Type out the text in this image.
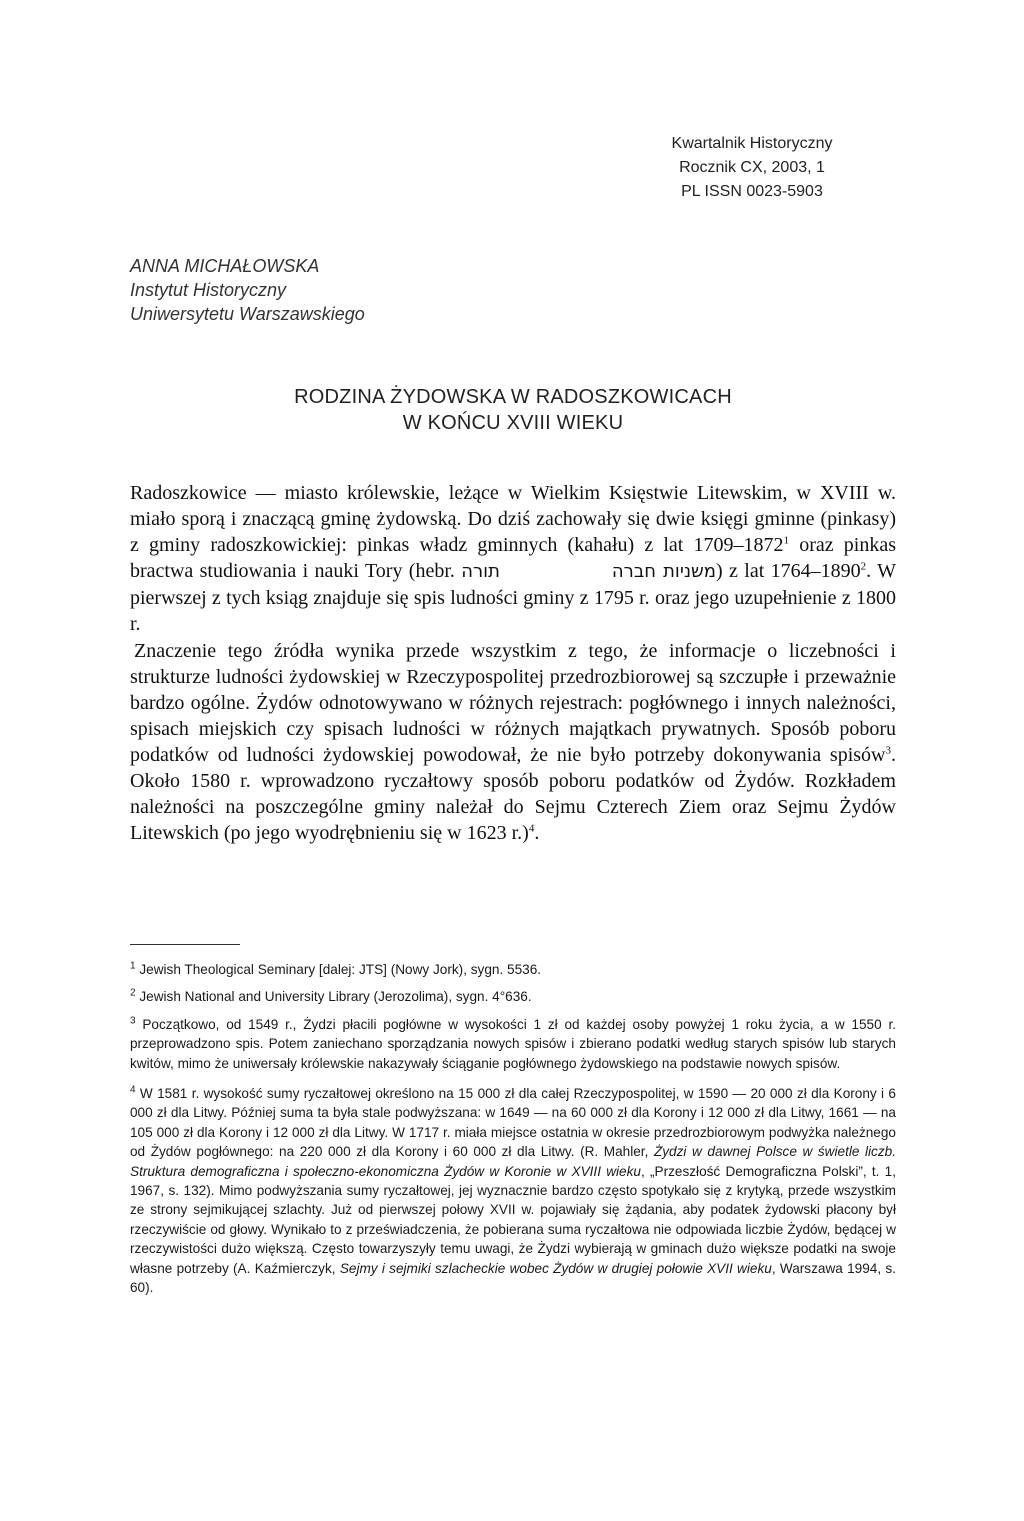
Kwartalnik Historyczny
Rocznik CX, 2003, 1
PL ISSN 0023-5903
ANNA MICHAŁOWSKA
Instytut Historyczny
Uniwersytetu Warszawskiego
RODZINA ŻYDOWSKA W RADOSZKOWICACH
W KOŃCU XVIII WIEKU

Radoszkowice — miasto królewskie, leżące w Wielkim Księstwie Litewskim, w XVIII w. miało sporą i znaczącą gminę żydowską. Do dziś zachowały się dwie księgi gminne (pinkasy) z gminy radoszkowickiej: pinkas władz gminnych (kahału) z lat 1709–1872$^1$ oraz pinkas bractwa studiowania i nauki Tory (hebr. תורה	משניות חברה	) z lat 1764–1890$^2$. W pierwszej z tych ksiąg znajduje się spis ludności gminy z 1795 r. oraz jego uzupełnienie z 1800 r.

Znaczenie tego źródła wynika przede wszystkim z tego, że informacje o liczebności i strukturze ludności żydowskiej w Rzeczypospolitej przedrozbiorowej są szczupłe i przeważnie bardzo ogólne. Żydów odnotowywano w różnych rejestrach: pogłównego i innych należności, spisach miejskich czy spisach ludności w różnych majątkach prywatnych. Sposób poboru podatków od ludności żydowskiej powodował, że nie było potrzeby dokonywania spisów$^3$. Około 1580 r. wprowadzono ryczałtowy sposób poboru podatków od Żydów. Rozkładem należności na poszczególne gminy należał do Sejmu Czterech Ziem oraz Sejmu Żydów Litewskich (po jego wyodrębnieniu się w 1623 r.)$^4$.

$^1$ Jewish Theological Seminary [dalej: JTS] (Nowy Jork), sygn. 5536.

$^2$ Jewish National and University Library (Jerozolima), sygn. 4°636.

$^3$ Początkowo, od 1549 r., Żydzi płacili pogłówne w wysokości 1 zł od każdej osoby powyżej 1 roku życia, a w 1550 r. przeprowadzono spis. Potem zaniechano sporządzania nowych spisów i zbierano podatki według starych spisów lub starych kwitów, mimo że uniwersały królewskie nakazywały ściąganie pogłównego żydowskiego na podstawie nowych spisów.

$^4$ W 1581 r. wysokość sumy ryczałtowej określono na 15 000 zł dla całej Rzeczypospolitej, w 1590 — 20 000 zł dla Korony i 6 000 zł dla Litwy. Później suma ta była stale podwyższana: w 1649 — na 60 000 zł dla Korony i 12 000 zł dla Litwy, 1661 — na 105 000 zł dla Korony i 12 000 zł dla Litwy. W 1717 r. miała miejsce ostatnia w okresie przedrozbiorowym podwyżka należnego od Żydów pogłównego: na 220 000 zł dla Korony i 60 000 zł dla Litwy. (R. Mahler, Żydzi w dawnej Polsce w świetle liczb. Struktura demograficzna i społeczno-ekonomiczna Żydów w Koronie w XVIII wieku, „Przeszłość Demograficzna Polski”, t. 1, 1967, s. 132). Mimo podwyższania sumy ryczałtowej, jej wyznacznie bardzo często spotykało się z krytyką, przede wszystkim ze strony sejmikującej szlachty. Już od pierwszej połowy XVII w. pojawiały się żądania, aby podatek żydowski płacony był rzeczywiście od głowy. Wynikało to z przeświadczenia, że pobierana suma ryczałtowa nie odpowiada liczbie Żydów, będącej w rzeczywistości dużo większą. Często towarzyszyły temu uwagi, że Żydzi wybierają w gminach dużo większe podatki na swoje własne potrzeby (A. Kaźmierczyk, Sejmy i sejmiki szlacheckie wobec Żydów w drugiej połowie XVII wieku, Warszawa 1994, s. 60).
